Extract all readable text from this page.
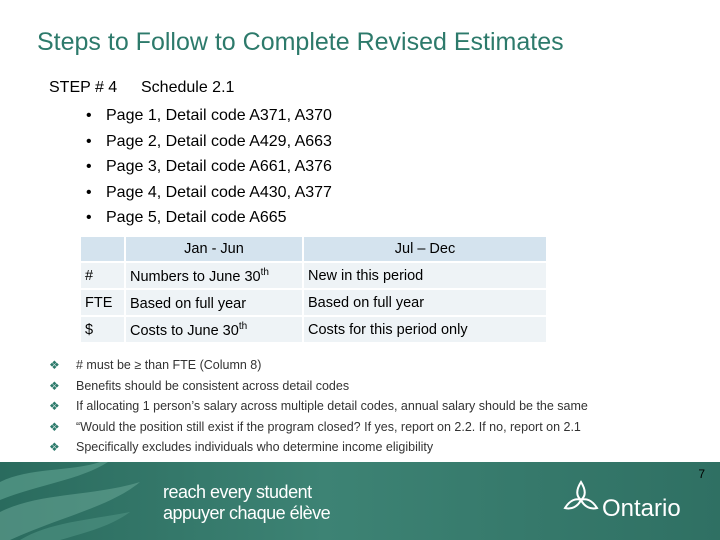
Steps to Follow to Complete Revised Estimates
STEP # 4 Schedule 2.1
• Page 1, Detail code A371, A370
• Page 2, Detail code A429, A663
• Page 3, Detail code A661, A376
• Page 4, Detail code A430, A377
• Page 5, Detail code A665
	Jan - Jun	Jul – Dec
#	Numbers to June 30th	New in this period
FTE	Based on full year	Based on full year
$	Costs to June 30th	Costs for this period only
❖ # must be ≥ than FTE (Column 8)
❖ Benefits should be consistent across detail codes
❖ If allocating 1 person’s salary across multiple detail codes, annual salary should be the same
❖ “Would the position still exist if the program closed? If yes, report on 2.2. If no, report on 2.1
❖ Specifically excludes individuals who determine income eligibility
7
reach every student
appuyer chaque élève	Ontario
